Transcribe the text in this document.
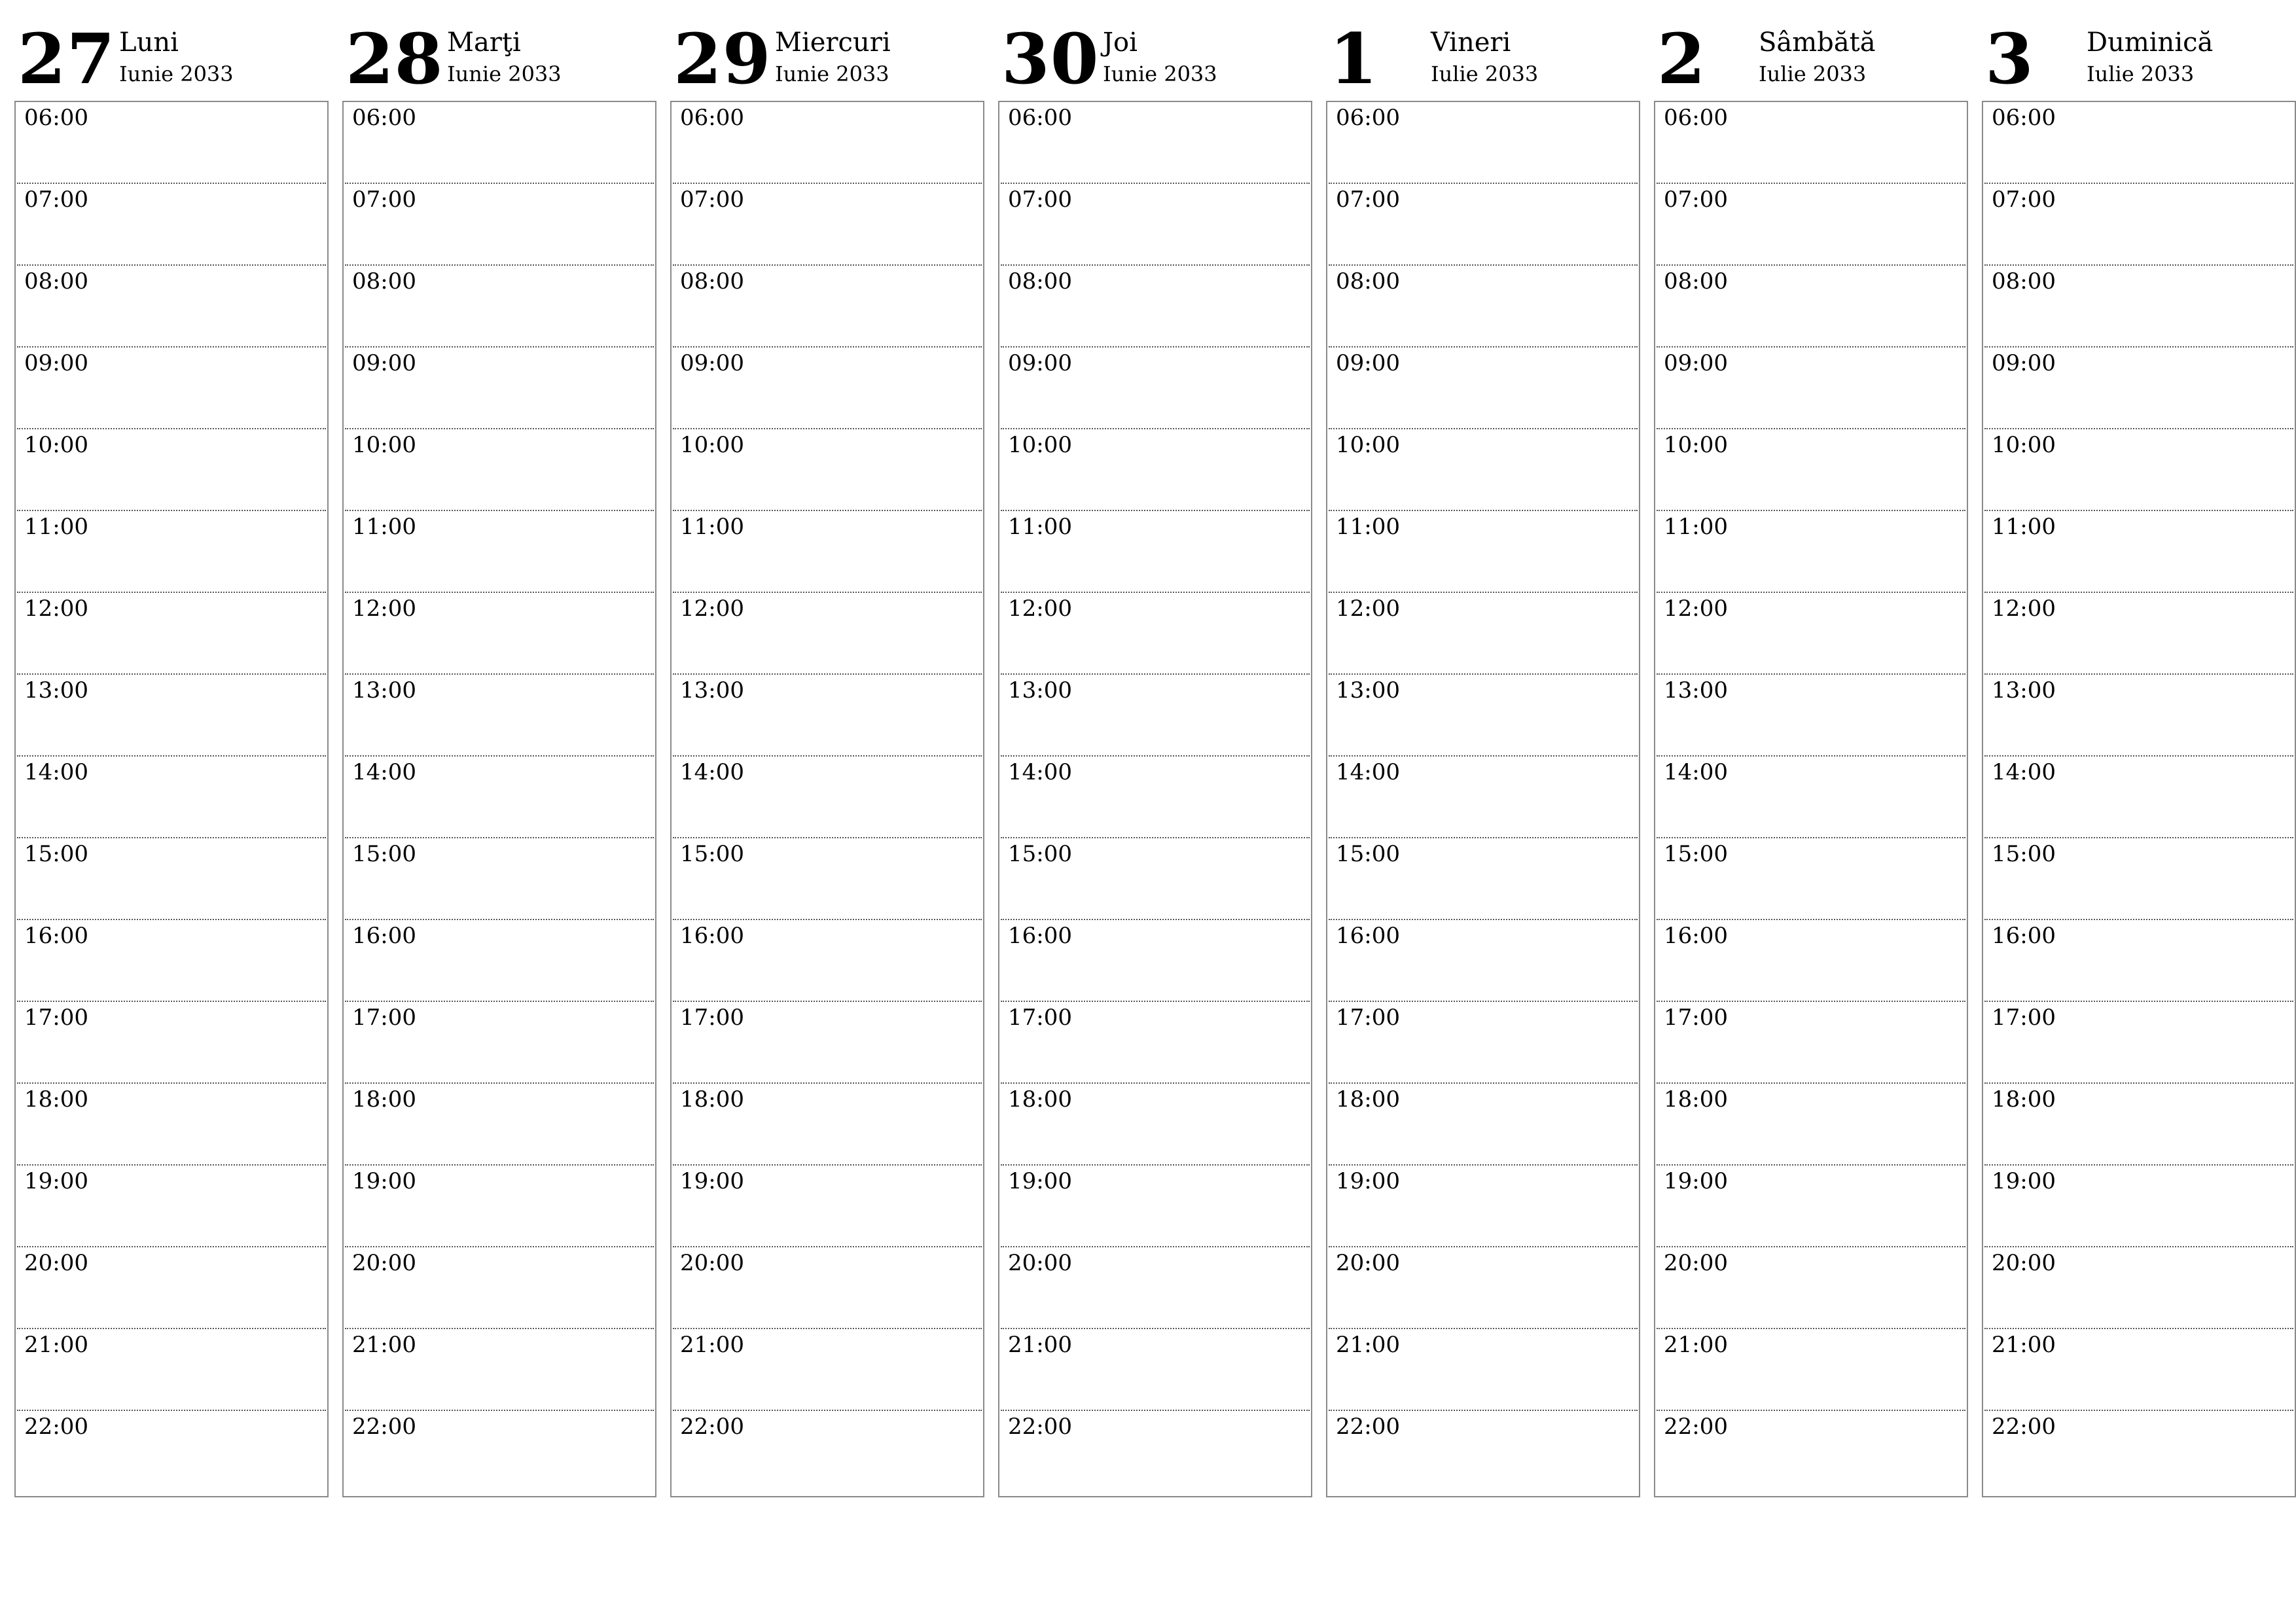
27 Luni
Iunie 2033
06:00
07:00
08:00
09:00
10:00
11:00
12:00
13:00
14:00
15:00
16:00
17:00
18:00
19:00
20:00
21:00
22:00
28 Marţi
Iunie 2033
06:00
07:00
08:00
09:00
10:00
11:00
12:00
13:00
14:00
15:00
16:00
17:00
18:00
19:00
20:00
21:00
22:00
29 Miercuri
Iunie 2033
06:00
07:00
08:00
09:00
10:00
11:00
12:00
13:00
14:00
15:00
16:00
17:00
18:00
19:00
20:00
21:00
22:00
30 Joi
Iunie 2033
06:00
07:00
08:00
09:00
10:00
11:00
12:00
13:00
14:00
15:00
16:00
17:00
18:00
19:00
20:00
21:00
22:00
1 Vineri
Iulie 2033
06:00
07:00
08:00
09:00
10:00
11:00
12:00
13:00
14:00
15:00
16:00
17:00
18:00
19:00
20:00
21:00
22:00
2 Sâmbătă
Iulie 2033
06:00
07:00
08:00
09:00
10:00
11:00
12:00
13:00
14:00
15:00
16:00
17:00
18:00
19:00
20:00
21:00
22:00
3 Duminică
Iulie 2033
06:00
07:00
08:00
09:00
10:00
11:00
12:00
13:00
14:00
15:00
16:00
17:00
18:00
19:00
20:00
21:00
22:00
